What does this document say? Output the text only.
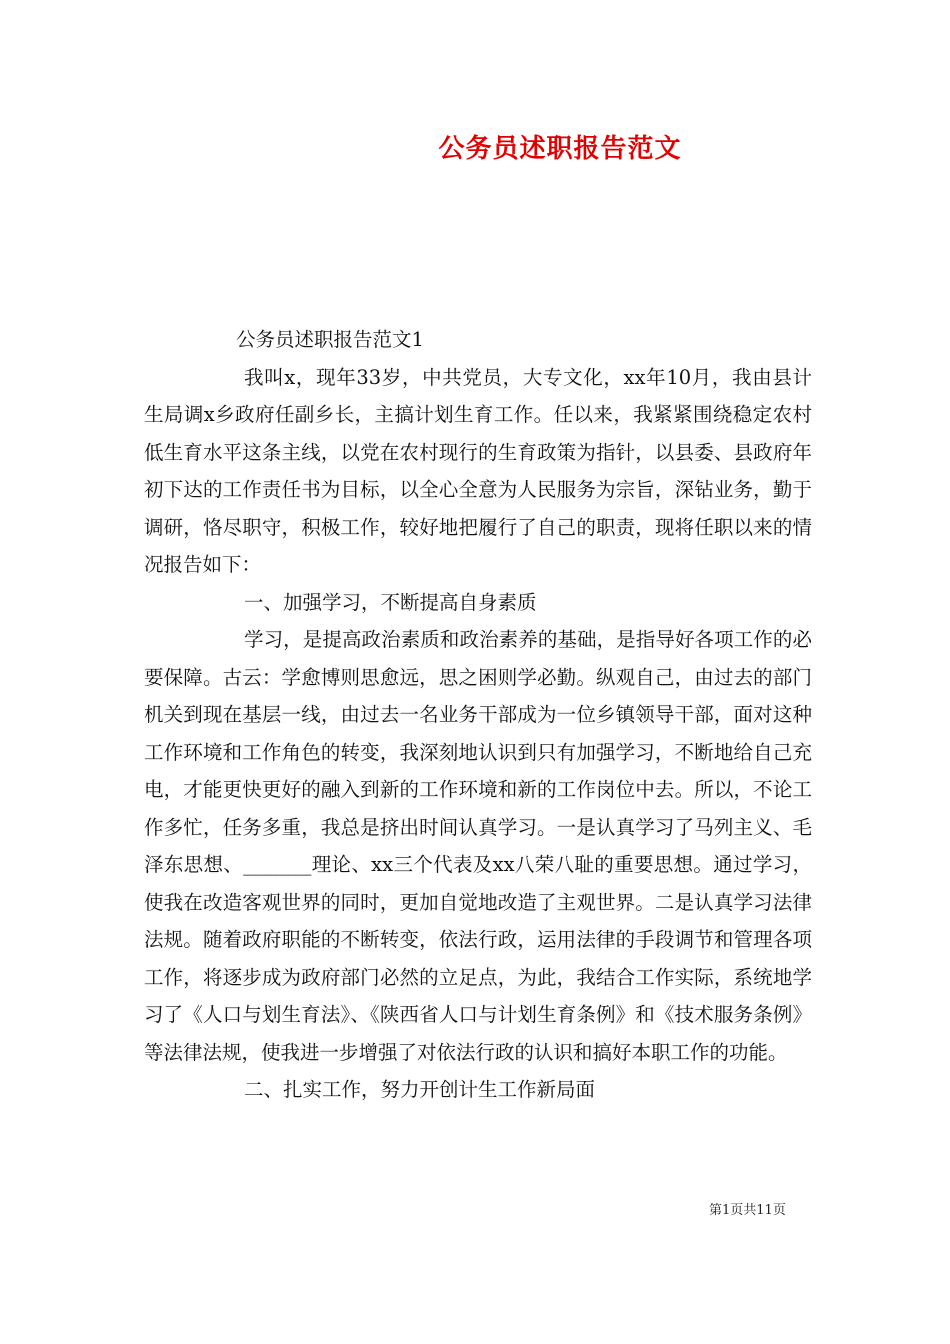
公务员述职报告范文

公务员述职报告范文1

我叫x，现年33岁，中共党员，大专文化，xx年10月，我由县计生局调x乡政府任副乡长，主搞计划生育工作。任以来，我紧紧围绕稳定农村低生育水平这条主线，以党在农村现行的生育政策为指针，以县委、县政府年初下达的工作责任书为目标，以全心全意为人民服务为宗旨，深钻业务，勤于调研，恪尽职守，积极工作，较好地把履行了自己的职责，现将任职以来的情况报告如下：

一、加强学习，不断提高自身素质

学习，是提高政治素质和政治素养的基础，是指导好各项工作的必要保障。古云：学愈博则思愈远，思之困则学必勤。纵观自己，由过去的部门机关到现在基层一线，由过去一名业务干部成为一位乡镇领导干部，面对这种工作环境和工作角色的转变，我深刻地认识到只有加强学习，不断地给自己充电，才能更快更好的融入到新的工作环境和新的工作岗位中去。所以，不论工作多忙，任务多重，我总是挤出时间认真学习。一是认真学习了马列主义、毛泽东思想、_______理论、xx三个代表及xx八荣八耻的重要思想。通过学习，使我在改造客观世界的同时，更加自觉地改造了主观世界。二是认真学习法律法规。随着政府职能的不断转变，依法行政，运用法律的手段调节和管理各项工作，将逐步成为政府部门必然的立足点，为此，我结合工作实际，系统地学习了《人口与划生育法》、《陕西省人口与计划生育条例》和《技术服务条例》等法律法规，使我进一步增强了对依法行政的认识和搞好本职工作的功能。

二、扎实工作，努力开创计生工作新局面

第1页共11页
